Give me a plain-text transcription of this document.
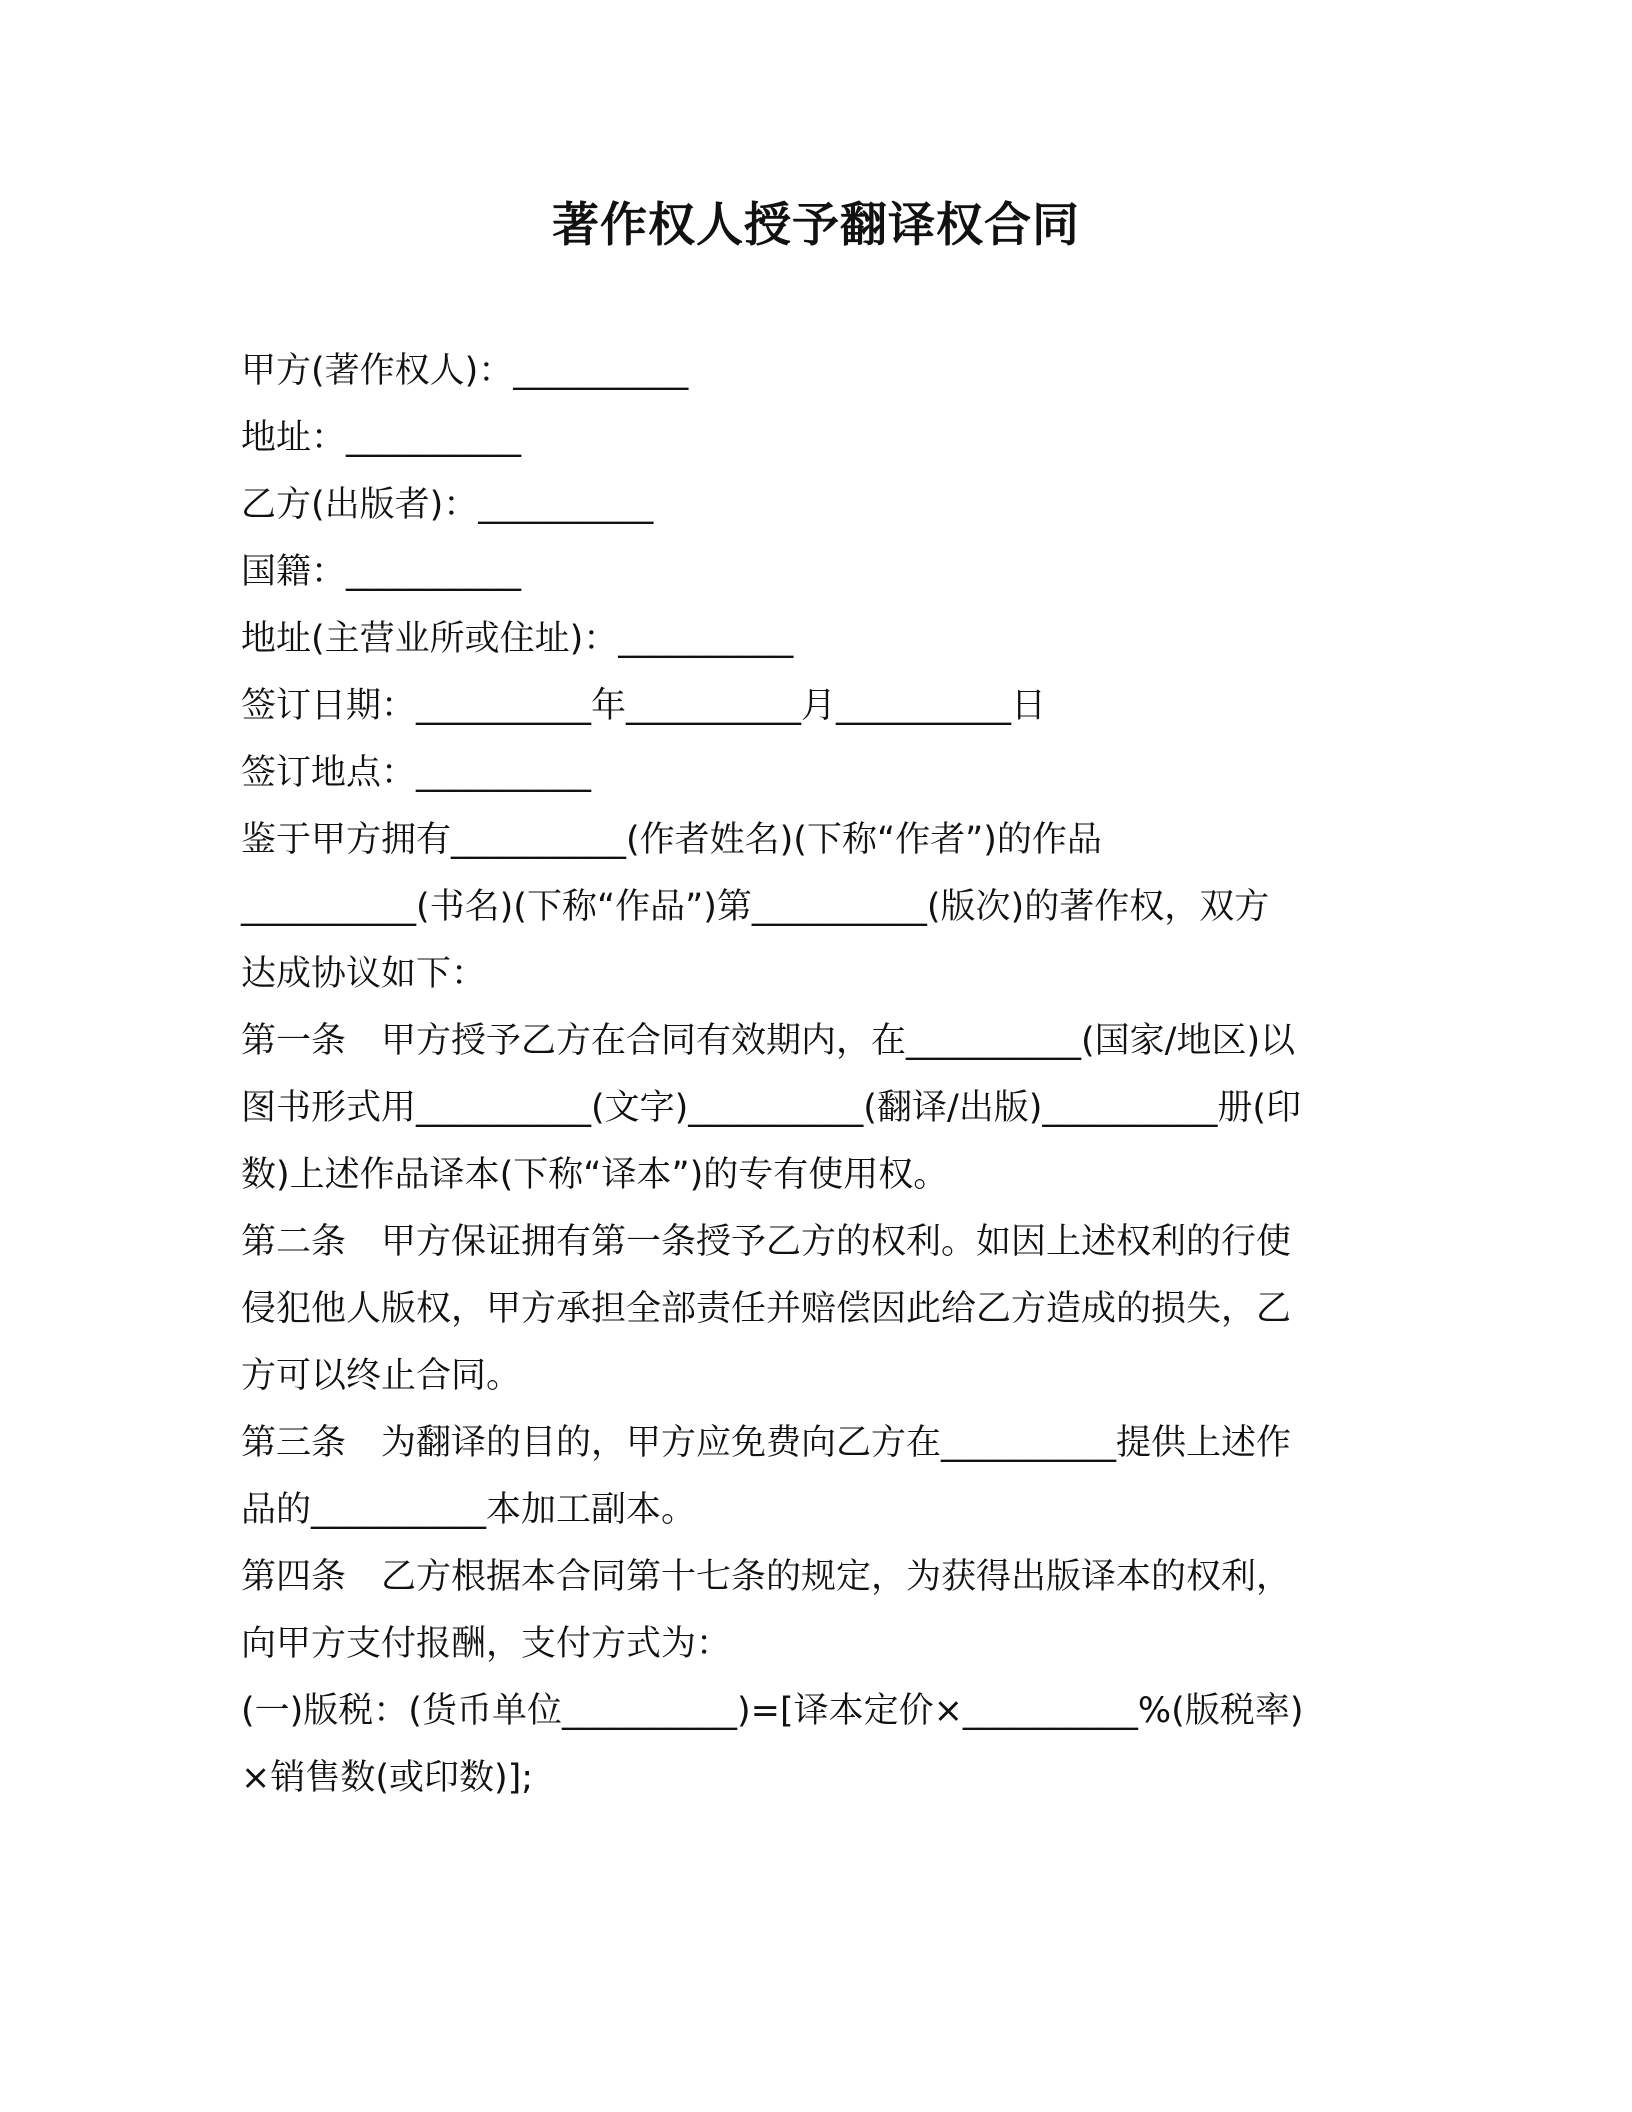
著作权人授予翻译权合同

甲方(著作权人)：__________

地址：__________

乙方(出版者)：__________

国籍：__________

地址(主营业所或住址)：__________

签订日期：__________年__________月__________日

签订地点：__________

鉴于甲方拥有__________(作者姓名)(下称“作者”)的作品

__________(书名)(下称“作品”)第__________(版次)的著作权，双方

达成协议如下：

第一条　甲方授予乙方在合同有效期内，在__________(国家/地区)以

图书形式用__________(文字)__________(翻译/出版)__________册(印

数)上述作品译本(下称“译本”)的专有使用权。

第二条　甲方保证拥有第一条授予乙方的权利。如因上述权利的行使

侵犯他人版权，甲方承担全部责任并赔偿因此给乙方造成的损失，乙

方可以终止合同。

第三条　为翻译的目的，甲方应免费向乙方在__________提供上述作

品的__________本加工副本。

第四条　乙方根据本合同第十七条的规定，为获得出版译本的权利，

向甲方支付报酬，支付方式为：

(一)版税：(货币单位__________)=[译本定价×__________%(版税率)

×销售数(或印数)];
